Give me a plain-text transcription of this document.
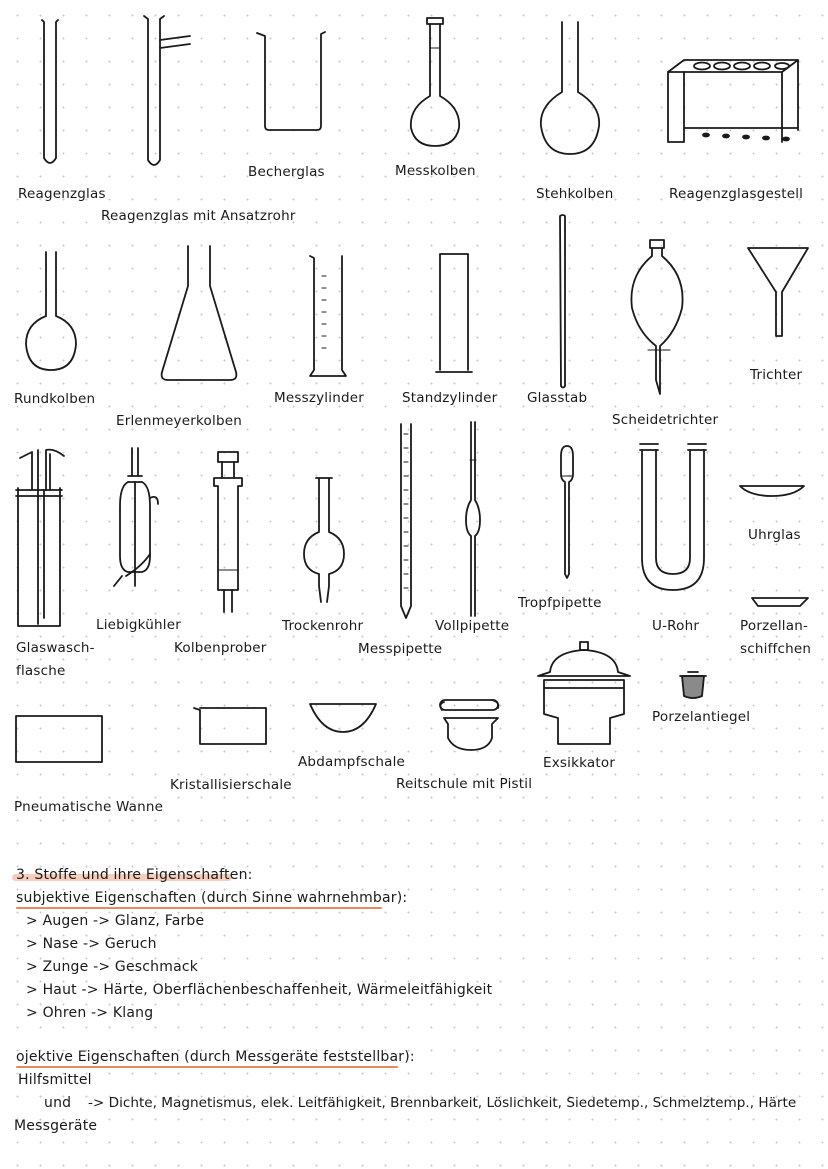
Reagenzglas
Reagenzglas mit Ansatzrohr
Becherglas	Messkolben
Stehkolben	Reagenzglasgestell
Rundkolben
Erlenmeyerkolben
Messzylinder	Standzylinder Glasstab
Scheidetrichter
Trichter
Liebigkühler
Glaswasch-
flasche
Kolbenprober
Trockenrohr
Messpipette
Vollpipette
Tropfpipette
U-Rohr
Uhrglas
Porzellan-
schiffchen
Porzelantiegel
Abdampfschale	Exsikkator
Kristallisierschale	Reitschule mit Pistil
Pneumatische Wanne
3. Stoffe und ihre Eigenschaften:
subjektive Eigenschaften (durch Sinne wahrnehmbar):
> Augen -> Glanz, Farbe
> Nase -> Geruch
> Zunge -> Geschmack
> Haut -> Härte, Oberflächenbeschaffenheit, Wärmeleitfähigkeit
> Ohren -> Klang
ojektive Eigenschaften (durch Messgeräte feststellbar):
Hilfsmittel
und -> Dichte, Magnetismus, elek. Leitfähigkeit, Brennbarkeit, Löslichkeit, Siedetemp., Schmelztemp., Härte
Messgeräte
